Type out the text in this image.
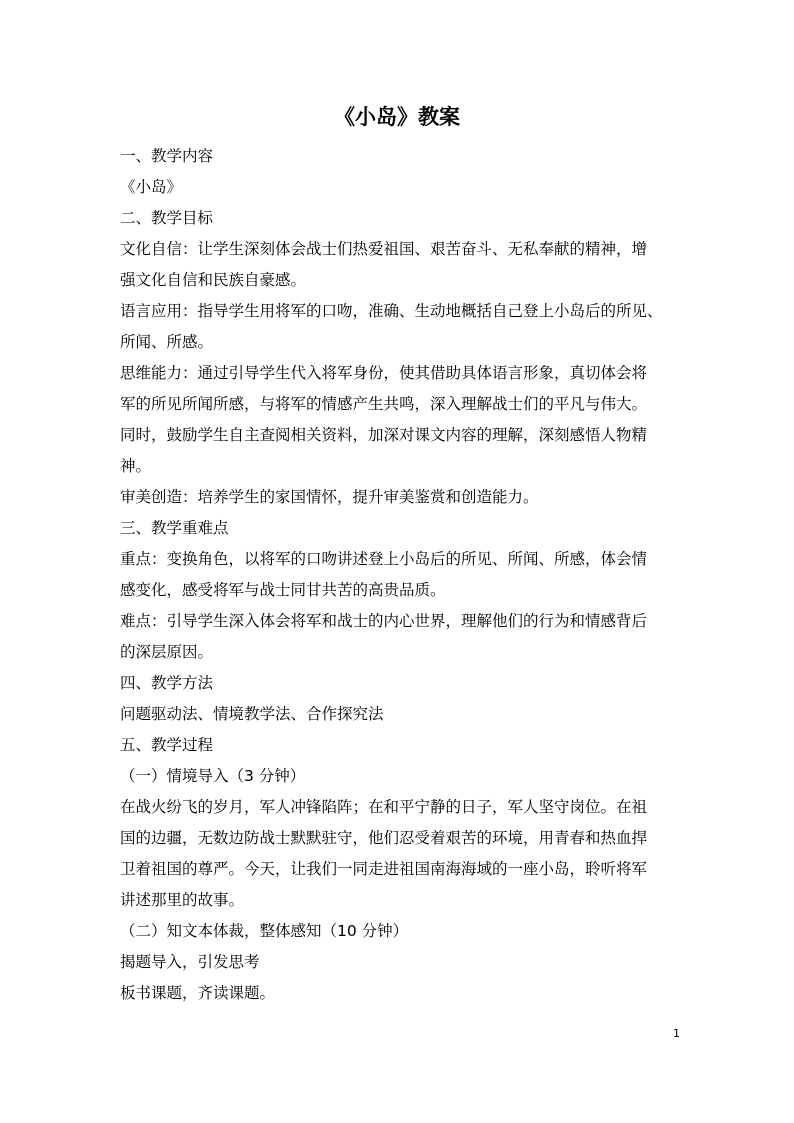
《小岛》教案
一、教学内容
《小岛》
二、教学目标
文化自信：让学生深刻体会战士们热爱祖国、艰苦奋斗、无私奉献的精神，增
强文化自信和民族自豪感。
语言应用：指导学生用将军的口吻，准确、生动地概括自己登上小岛后的所见、
所闻、所感。
思维能力：通过引导学生代入将军身份，使其借助具体语言形象，真切体会将
军的所见所闻所感，与将军的情感产生共鸣，深入理解战士们的平凡与伟大。
同时，鼓励学生自主查阅相关资料，加深对课文内容的理解，深刻感悟人物精
神。
审美创造：培养学生的家国情怀，提升审美鉴赏和创造能力。
三、教学重难点
重点：变换角色，以将军的口吻讲述登上小岛后的所见、所闻、所感，体会情
感变化，感受将军与战士同甘共苦的高贵品质。
难点：引导学生深入体会将军和战士的内心世界，理解他们的行为和情感背后
的深层原因。
四、教学方法
问题驱动法、情境教学法、合作探究法
五、教学过程
（一）情境导入（3 分钟）
在战火纷飞的岁月，军人冲锋陷阵；在和平宁静的日子，军人坚守岗位。在祖
国的边疆，无数边防战士默默驻守，他们忍受着艰苦的环境，用青春和热血捍
卫着祖国的尊严。今天，让我们一同走进祖国南海海域的一座小岛，聆听将军
讲述那里的故事。
（二）知文本体裁，整体感知（10 分钟）
揭题导入，引发思考
板书课题，齐读课题。
1
